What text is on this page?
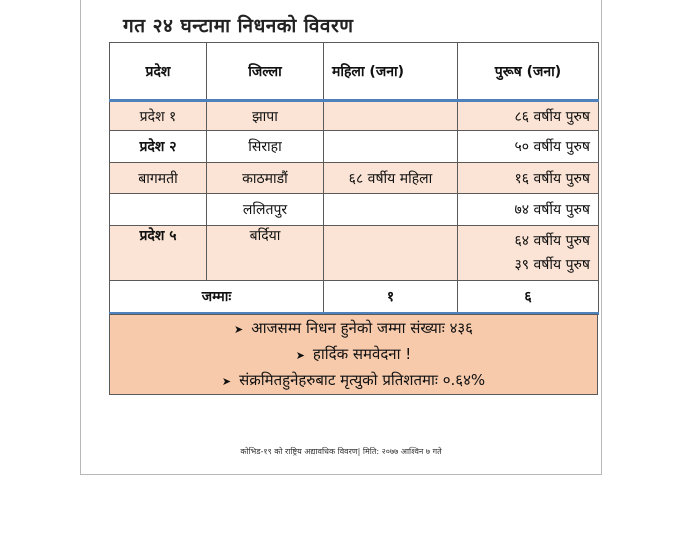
गत २४ घन्टामा निधनको विवरण
प्रदेश	जिल्ला	महिला (जना)	पुरूष (जना)
प्रदेश १	झापा		८६ वर्षीय पुरुष
प्रदेश २	सिराहा		५० वर्षीय पुरुष
बागमती	काठमाडौं	६८ वर्षीय महिला	१६ वर्षीय पुरुष
	ललितपुर		७४ वर्षीय पुरुष
प्रदेश ५	बर्दिया		६४ वर्षीय पुरुष
३९ वर्षीय पुरुष

जम्माः		१	६
➤ आजसम्म निधन हुनेको जम्मा संख्याः ४३६
➤ हार्दिक समवेदना !
➤ संक्रमितहुनेहरुबाट मृत्युको प्रतिशतमाः ०.६४%
कोभिड-१९ को राष्ट्रिय अद्यावधिक विवरण| मिति: २०७७ आश्विन ७ गते
